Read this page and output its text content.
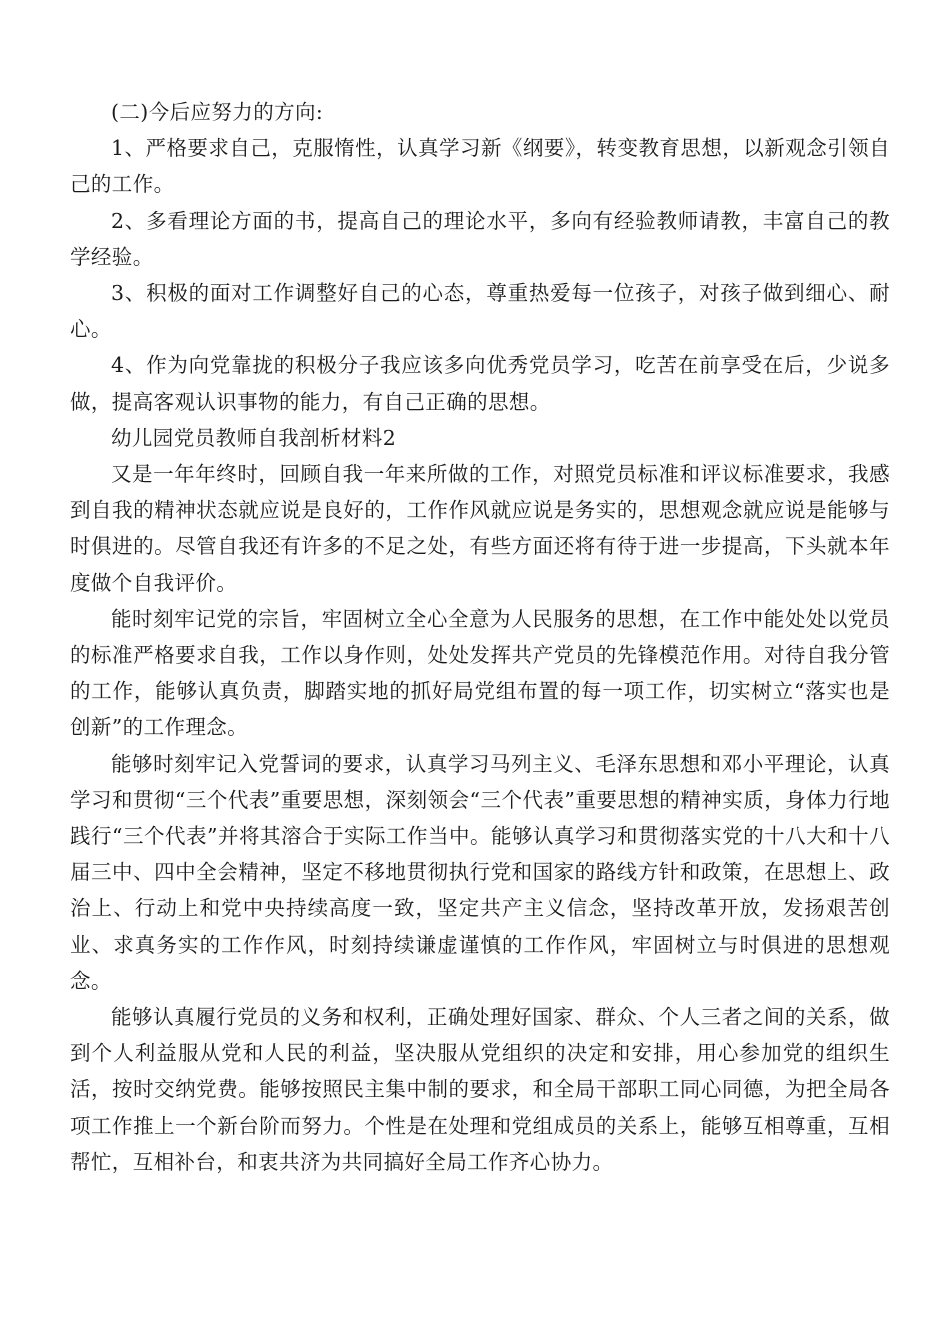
(二)今后应努力的方向:

1、严格要求自己，克服惰性，认真学习新《纲要》，转变教育思想，以新观念引领自己的工作。

2、多看理论方面的书，提高自己的理论水平，多向有经验教师请教，丰富自己的教学经验。

3、积极的面对工作调整好自己的心态，尊重热爱每一位孩子，对孩子做到细心、耐心。

4、作为向党靠拢的积极分子我应该多向优秀党员学习，吃苦在前享受在后，少说多做，提高客观认识事物的能力，有自己正确的思想。

幼儿园党员教师自我剖析材料2

又是一年年终时，回顾自我一年来所做的工作，对照党员标准和评议标准要求，我感到自我的精神状态就应说是良好的，工作作风就应说是务实的，思想观念就应说是能够与时俱进的。尽管自我还有许多的不足之处，有些方面还将有待于进一步提高，下头就本年度做个自我评价。

能时刻牢记党的宗旨，牢固树立全心全意为人民服务的思想，在工作中能处处以党员的标准严格要求自我，工作以身作则，处处发挥共产党员的先锋模范作用。对待自我分管的工作，能够认真负责，脚踏实地的抓好局党组布置的每一项工作，切实树立“落实也是创新”的工作理念。

能够时刻牢记入党誓词的要求，认真学习马列主义、毛泽东思想和邓小平理论，认真学习和贯彻“三个代表”重要思想，深刻领会“三个代表”重要思想的精神实质，身体力行地践行“三个代表”并将其溶合于实际工作当中。能够认真学习和贯彻落实党的十八大和十八届三中、四中全会精神，坚定不移地贯彻执行党和国家的路线方针和政策，在思想上、政治上、行动上和党中央持续高度一致，坚定共产主义信念，坚持改革开放，发扬艰苦创业、求真务实的工作作风，时刻持续谦虚谨慎的工作作风，牢固树立与时俱进的思想观念。

能够认真履行党员的义务和权利，正确处理好国家、群众、个人三者之间的关系，做到个人利益服从党和人民的利益，坚决服从党组织的决定和安排，用心参加党的组织生活，按时交纳党费。能够按照民主集中制的要求，和全局干部职工同心同德，为把全局各项工作推上一个新台阶而努力。个性是在处理和党组成员的关系上，能够互相尊重，互相帮忙，互相补台，和衷共济为共同搞好全局工作齐心协力。
